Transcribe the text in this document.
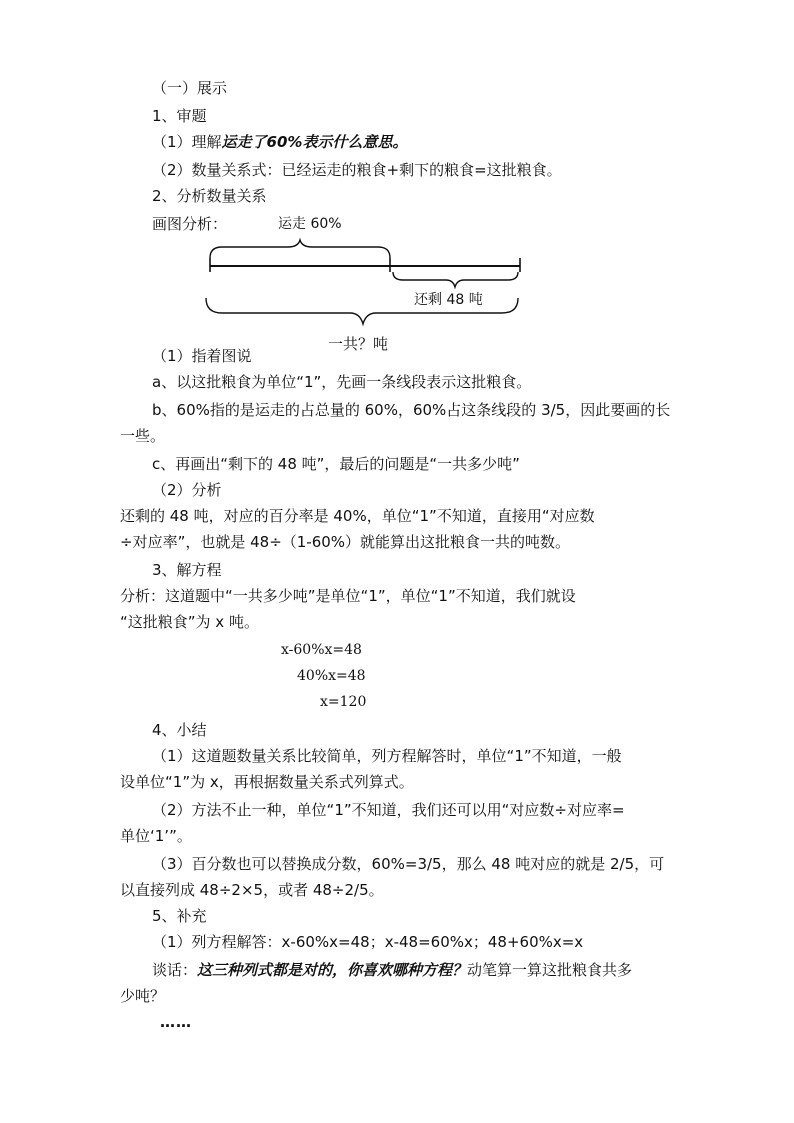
（一）展示
1、审题
（1）理解运走了60%表示什么意思。
（2）数量关系式：已经运走的粮食+剩下的粮食=这批粮食。
2、分析数量关系
画图分析：	运走 60%
还剩 48 吨
一共？吨
（1）指着图说
a、以这批粮食为单位“1”，先画一条线段表示这批粮食。
b、60%指的是运走的占总量的 60%，60%占这条线段的 3/5，因此要画的长
一些。
c、再画出“剩下的 48 吨”，最后的问题是“一共多少吨”
（2）分析
还剩的 48 吨，对应的百分率是 40%，单位“1”不知道，直接用“对应数
÷对应率”，也就是 48÷（1-60%）就能算出这批粮食一共的吨数。
3、解方程
分析：这道题中“一共多少吨”是单位“1”，单位“1”不知道，我们就设
“这批粮食”为 x 吨。
x-60%x=48
40%x=48
x=120
4、小结
（1）这道题数量关系比较简单，列方程解答时，单位“1”不知道，一般
设单位“1”为 x，再根据数量关系式列算式。
（2）方法不止一种，单位“1”不知道，我们还可以用“对应数÷对应率=
单位‘1’”。
（3）百分数也可以替换成分数，60%=3/5，那么 48 吨对应的就是 2/5，可
以直接列成 48÷2×5，或者 48÷2/5。
5、补充
（1）列方程解答：x-60%x=48；x-48=60%x；48+60%x=x
谈话：这三种列式都是对的，你喜欢哪种方程？动笔算一算这批粮食共多
少吨？
……
